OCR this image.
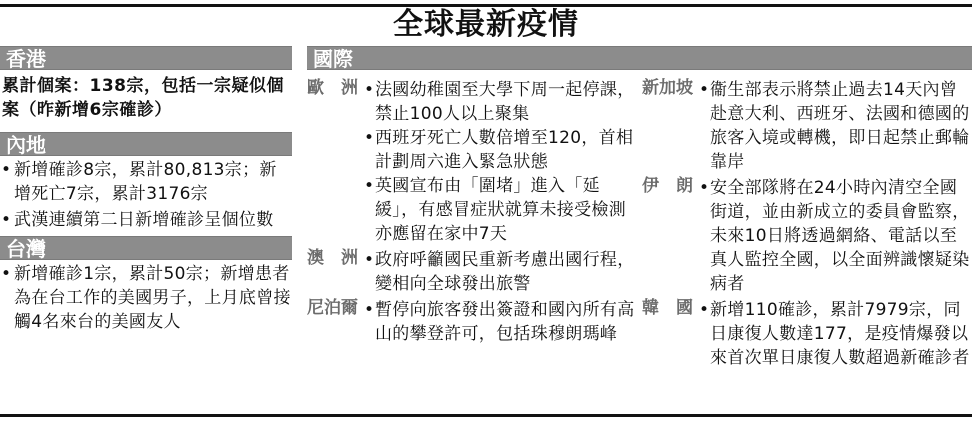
全球最新疫情
香港
累計個案：138宗，包括一宗疑似個案（昨新增6宗確診）
內地
• 新增確診8宗，累計80,813宗；新增死亡7宗，累計3176宗
• 武漢連續第二日新增確診呈個位數
台灣
• 新增確診1宗，累計50宗；新增患者為在台工作的美國男子，上月底曾接觸4名來台的美國友人
國際
歐　洲	• 法國幼稚園至大學下周一起停課，禁止100人以上聚集
• 西班牙死亡人數倍增至120，首相計劃周六進入緊急狀態
• 英國宣布由「圍堵」進入「延緩」，有感冒症狀就算未接受檢測亦應留在家中7天
澳　洲	• 政府呼籲國民重新考慮出國行程，變相向全球發出旅警
尼泊爾	• 暫停向旅客發出簽證和國內所有高山的攀登許可，包括珠穆朗瑪峰
新加坡	• 衞生部表示將禁止過去14天內曾赴意大利、西班牙、法國和德國的旅客入境或轉機，即日起禁止郵輪靠岸
伊　朗	• 安全部隊將在24小時內清空全國街道，並由新成立的委員會監察，未來10日將透過網絡、電話以至真人監控全國，以全面辨識懷疑染病者
韓　國	• 新增110確診，累計7979宗，同日康復人數達177，是疫情爆發以來首次單日康復人數超過新確診者
